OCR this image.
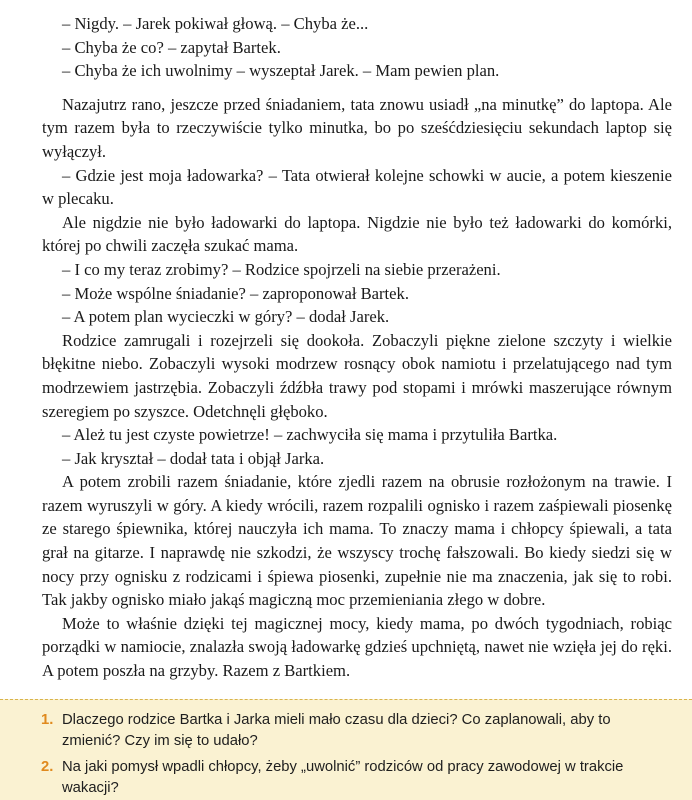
– Nigdy. – Jarek pokiwał głową. – Chyba że...

– Chyba że co? – zapytał Bartek.

– Chyba że ich uwolnimy – wyszeptał Jarek. – Mam pewien plan.

Nazajutrz rano, jeszcze przed śniadaniem, tata znowu usiadł „na minutkę” do laptopa. Ale tym razem była to rzeczywiście tylko minutka, bo po sześćdziesięciu sekundach laptop się wyłączył.

– Gdzie jest moja ładowarka? – Tata otwierał kolejne schowki w aucie, a potem kieszenie w plecaku.

Ale nigdzie nie było ładowarki do laptopa. Nigdzie nie było też ładowarki do komórki, której po chwili zaczęła szukać mama.

– I co my teraz zrobimy? – Rodzice spojrzeli na siebie przerażeni.

– Może wspólne śniadanie? – zaproponował Bartek.

– A potem plan wycieczki w góry? – dodał Jarek.

Rodzice zamrugali i rozejrzeli się dookoła. Zobaczyli piękne zielone szczyty i wielkie błękitne niebo. Zobaczyli wysoki modrzew rosnący obok namiotu i przelatującego nad tym modrzewiem jastrzębia. Zobaczyli źdźbła trawy pod stopami i mrówki maszerujące równym szeregiem po szyszce. Odetchnęli głęboko.

– Ależ tu jest czyste powietrze! – zachwyciła się mama i przytuliła Bartka.

– Jak kryształ – dodał tata i objął Jarka.

A potem zrobili razem śniadanie, które zjedli razem na obrusie rozłożonym na trawie. I razem wyruszyli w góry. A kiedy wrócili, razem rozpalili ognisko i razem zaśpiewali piosenkę ze starego śpiewnika, której nauczyła ich mama. To znaczy mama i chłopcy śpiewali, a tata grał na gitarze. I naprawdę nie szkodzi, że wszyscy trochę fałszowali. Bo kiedy siedzi się w nocy przy ognisku z rodzicami i śpiewa piosenki, zupełnie nie ma znaczenia, jak się to robi. Tak jakby ognisko miało jakąś magiczną moc przemieniania złego w dobre.

Może to właśnie dzięki tej magicznej mocy, kiedy mama, po dwóch tygodniach, robiąc porządki w namiocie, znalazła swoją ładowarkę gdzieś upchniętą, nawet nie wzięła jej do ręki. A potem poszła na grzyby. Razem z Bartkiem.

1. Dlaczego rodzice Bartka i Jarka mieli mało czasu dla dzieci? Co zaplanowali, aby to zmienić? Czy im się to udało?
2. Na jaki pomysł wpadli chłopcy, żeby „uwolnić” rodziców od pracy zawodowej w trakcie wakacji?
